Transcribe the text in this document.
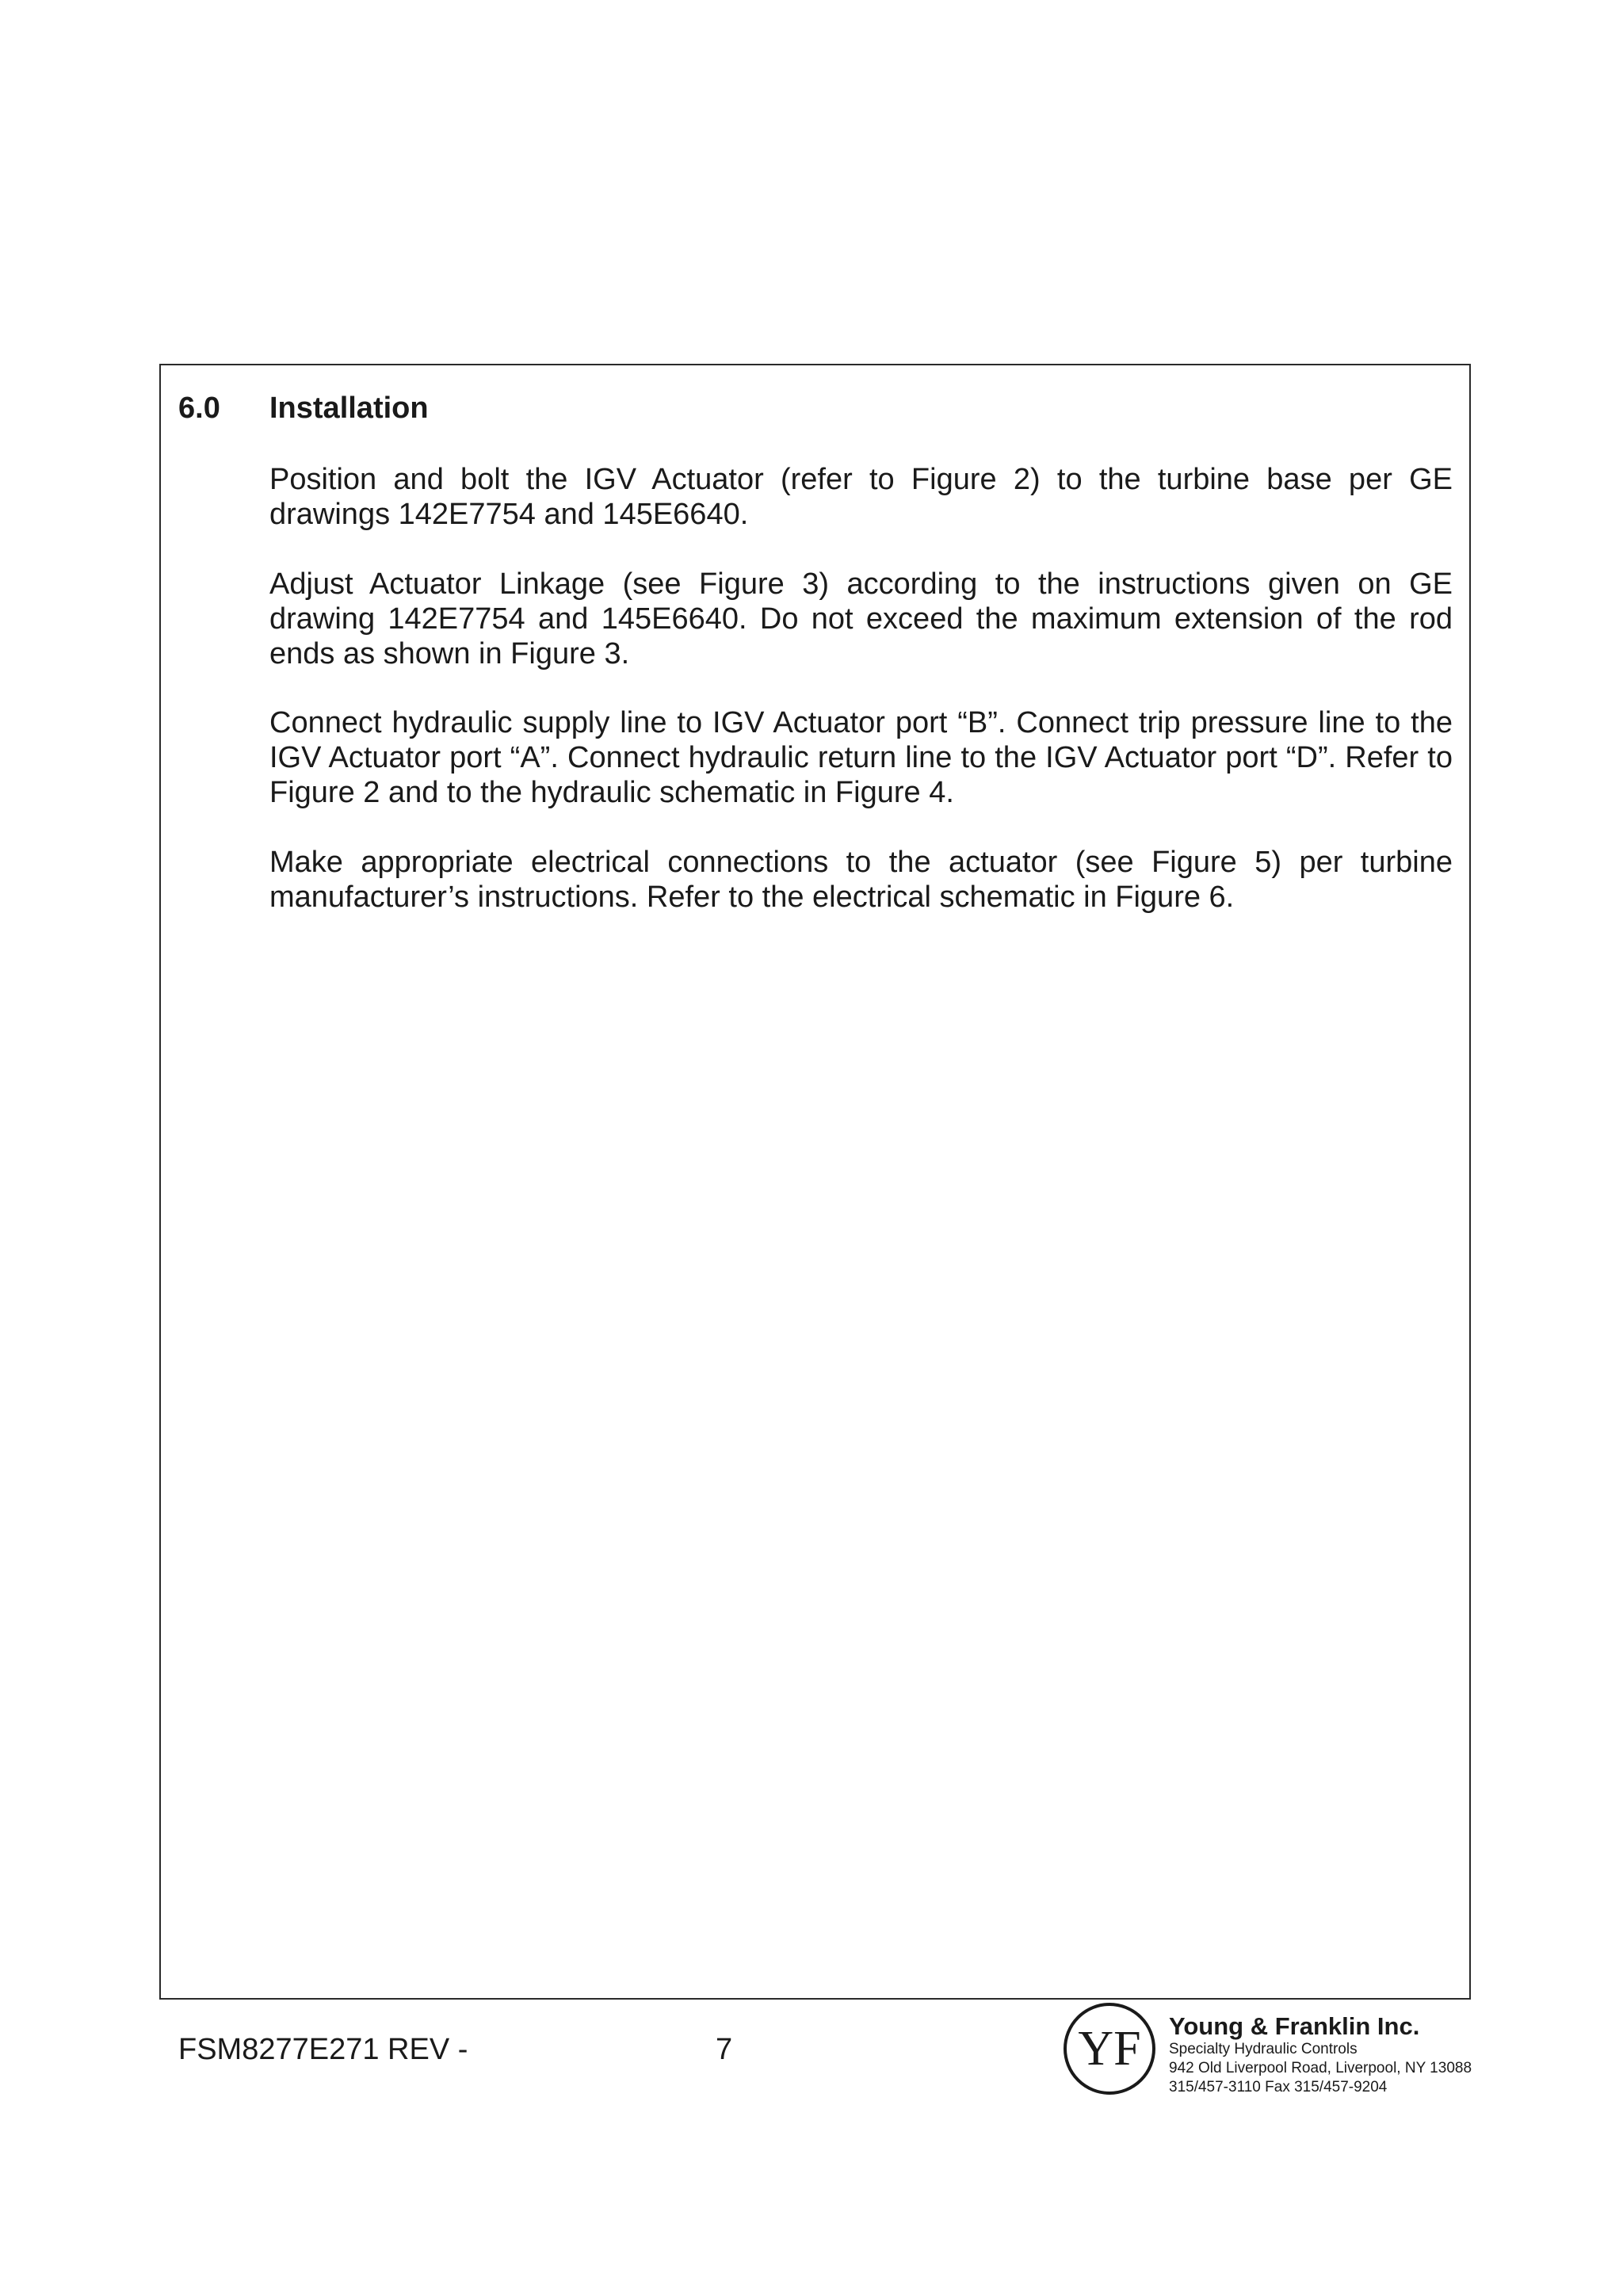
6.0 Installation

Position and bolt the IGV Actuator (refer to Figure 2) to the turbine base per GE drawings 142E7754 and 145E6640.

Adjust Actuator Linkage (see Figure 3) according to the instructions given on GE drawing 142E7754 and 145E6640. Do not exceed the maximum extension of the rod ends as shown in Figure 3.

Connect hydraulic supply line to IGV Actuator port “B”. Connect trip pressure line to the IGV Actuator port “A”. Connect hydraulic return line to the IGV Actuator port “D”. Refer to Figure 2 and to the hydraulic schematic in Figure 4.

Make appropriate electrical connections to the actuator (see Figure 5) per turbine manufacturer’s instructions. Refer to the electrical schematic in Figure 6.

FSM8277E271 REV -	7	YF Young & Franklin Inc.
Specialty Hydraulic Controls
942 Old Liverpool Road, Liverpool, NY 13088
315/457-3110 Fax 315/457-9204
